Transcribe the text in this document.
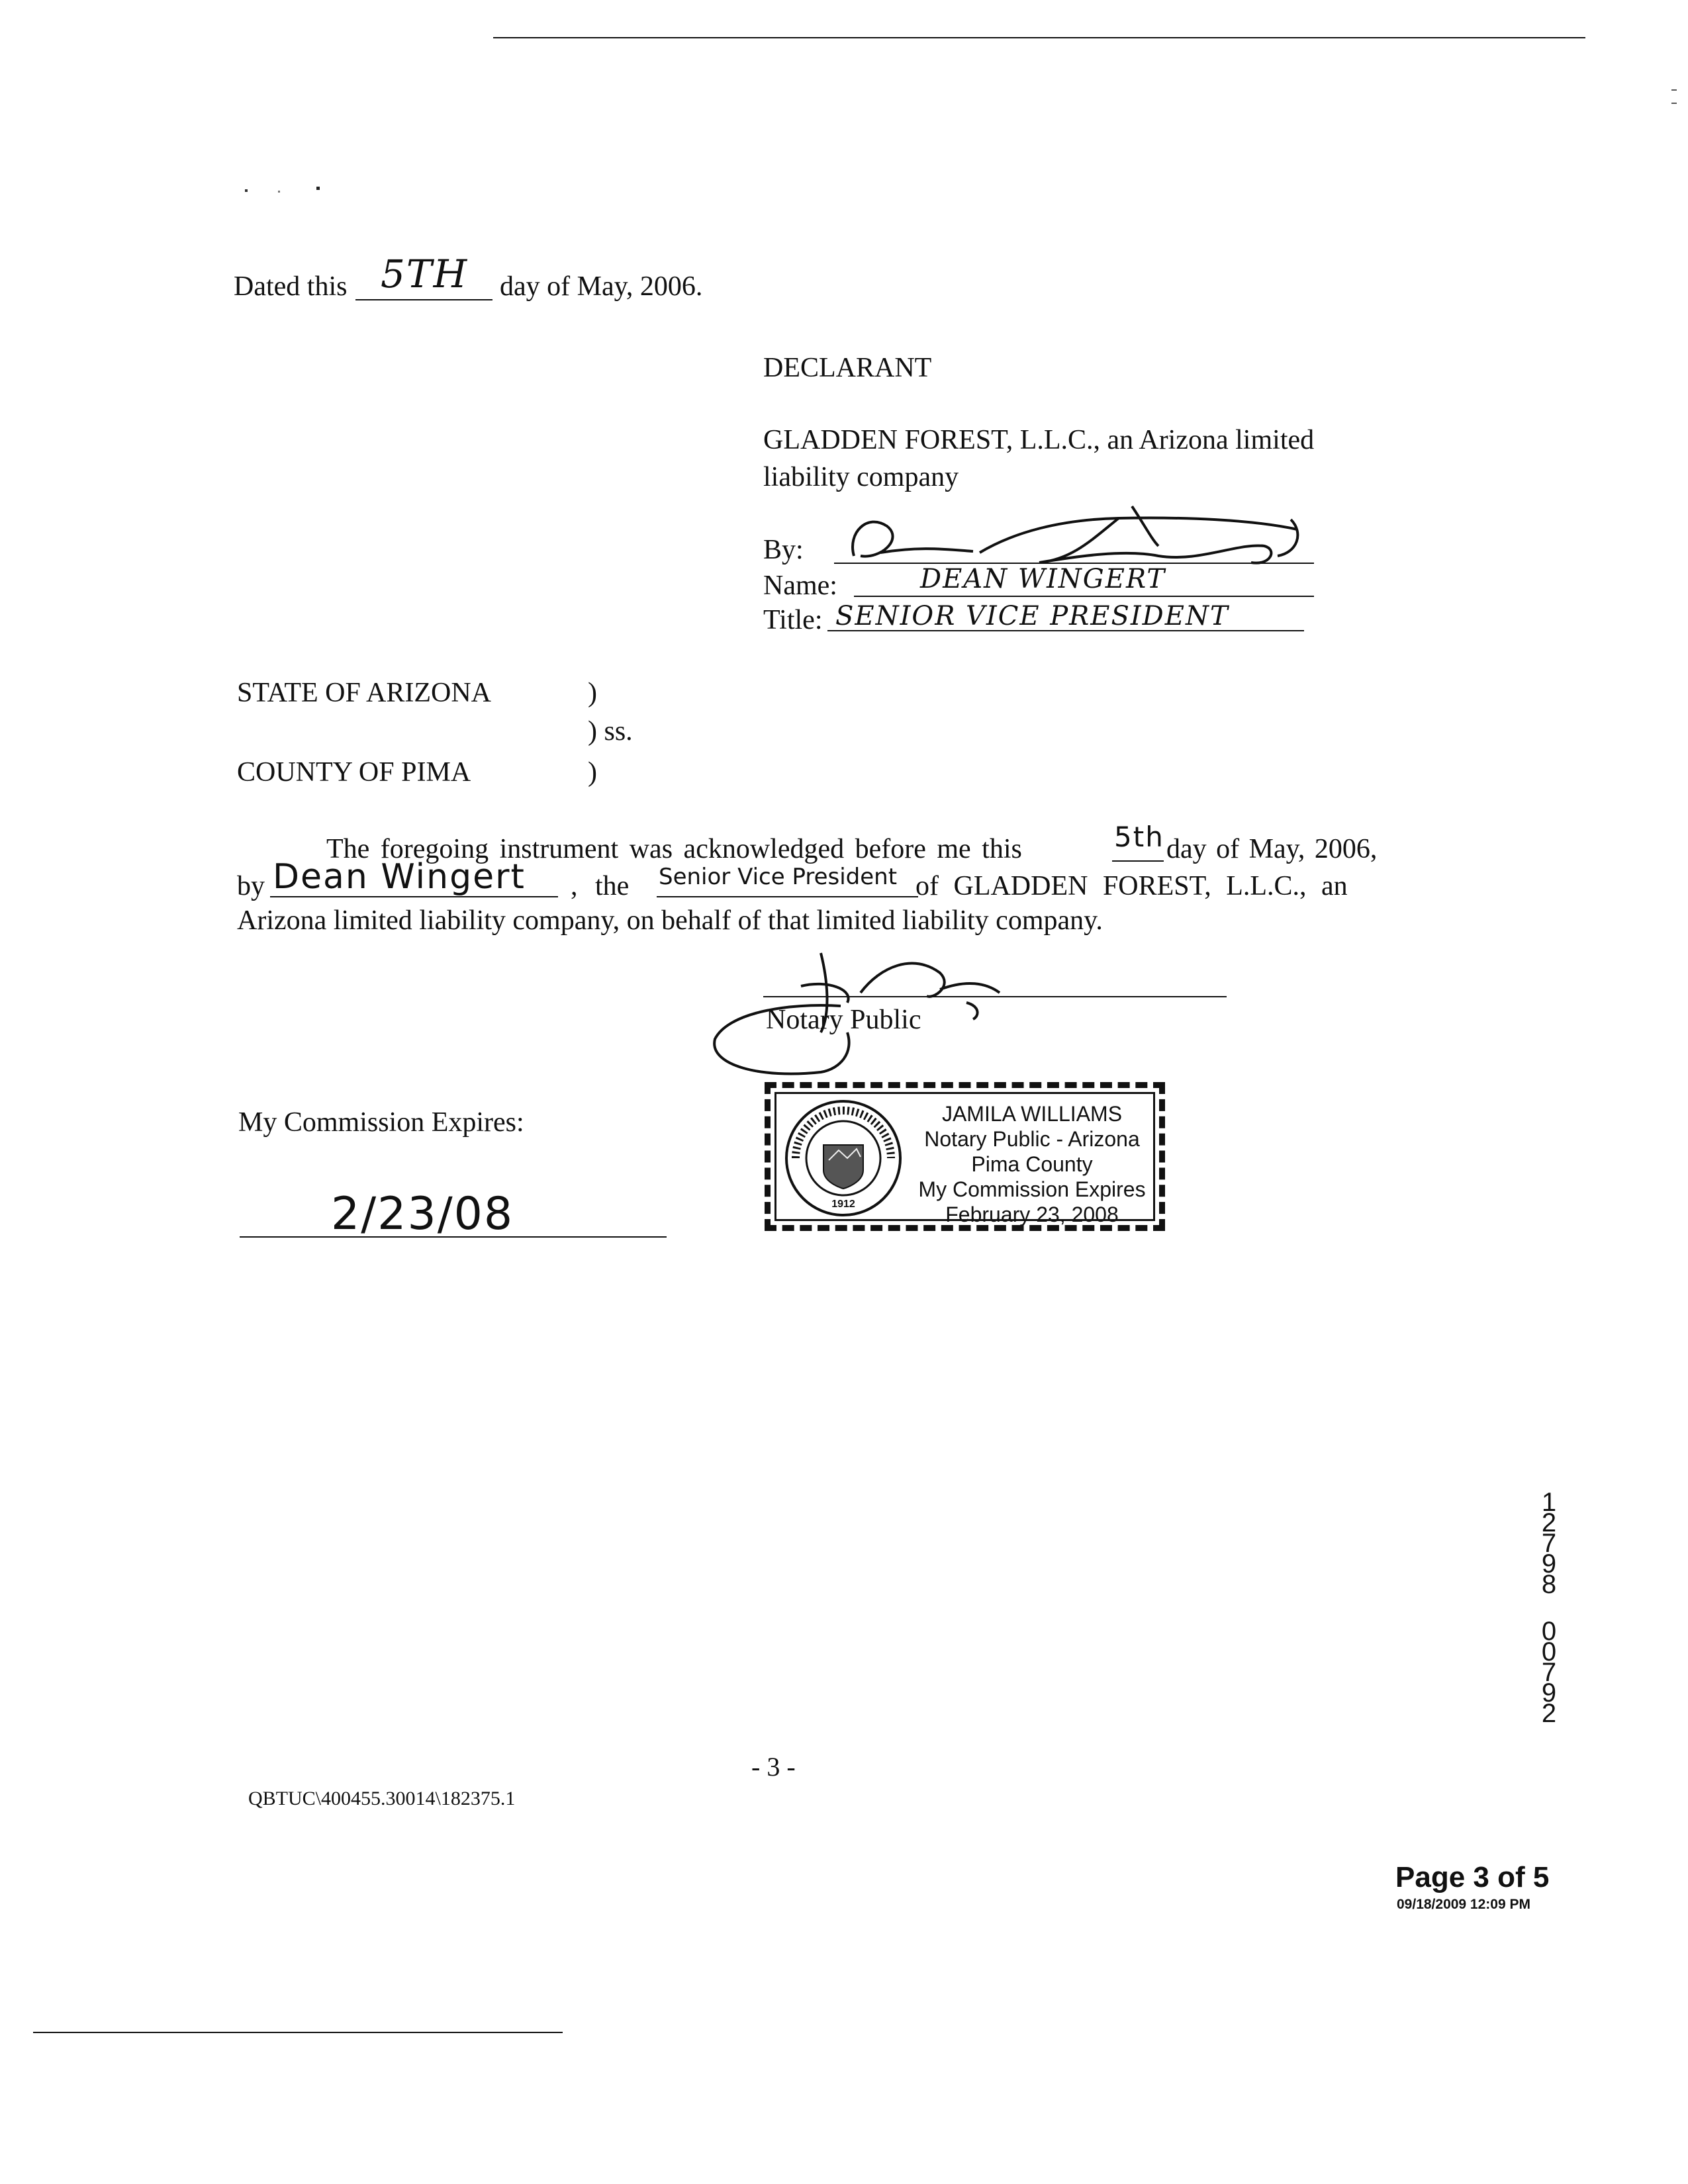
Dated this 5TH day of May, 2006.
DECLARANT
GLADDEN FOREST, L.L.C., an Arizona limited
liability company
By:
Name:	DEAN WINGERT
Title: SENIOR VICE PRESIDENT
STATE OF ARIZONA	)
) ss.
COUNTY OF PIMA	)
The foregoing instrument was acknowledged before me this	5th day of May, 2006,
by Dean Wingert , the Senior Vice President of GLADDEN FOREST, L.L.C., an
Arizona limited liability company, on behalf of that limited liability company.
Notary Public
My Commission Expires:
2/23/08	1912
JAMILA WILLIAMS
Notary Public - Arizona
Pima County
My Commission Expires
February 23, 2008
1
2
7
9
8
0
0
7
9
2
- 3 -
QBTUC\400455.30014\182375.1
Page 3 of 5
09/18/2009 12:09 PM
